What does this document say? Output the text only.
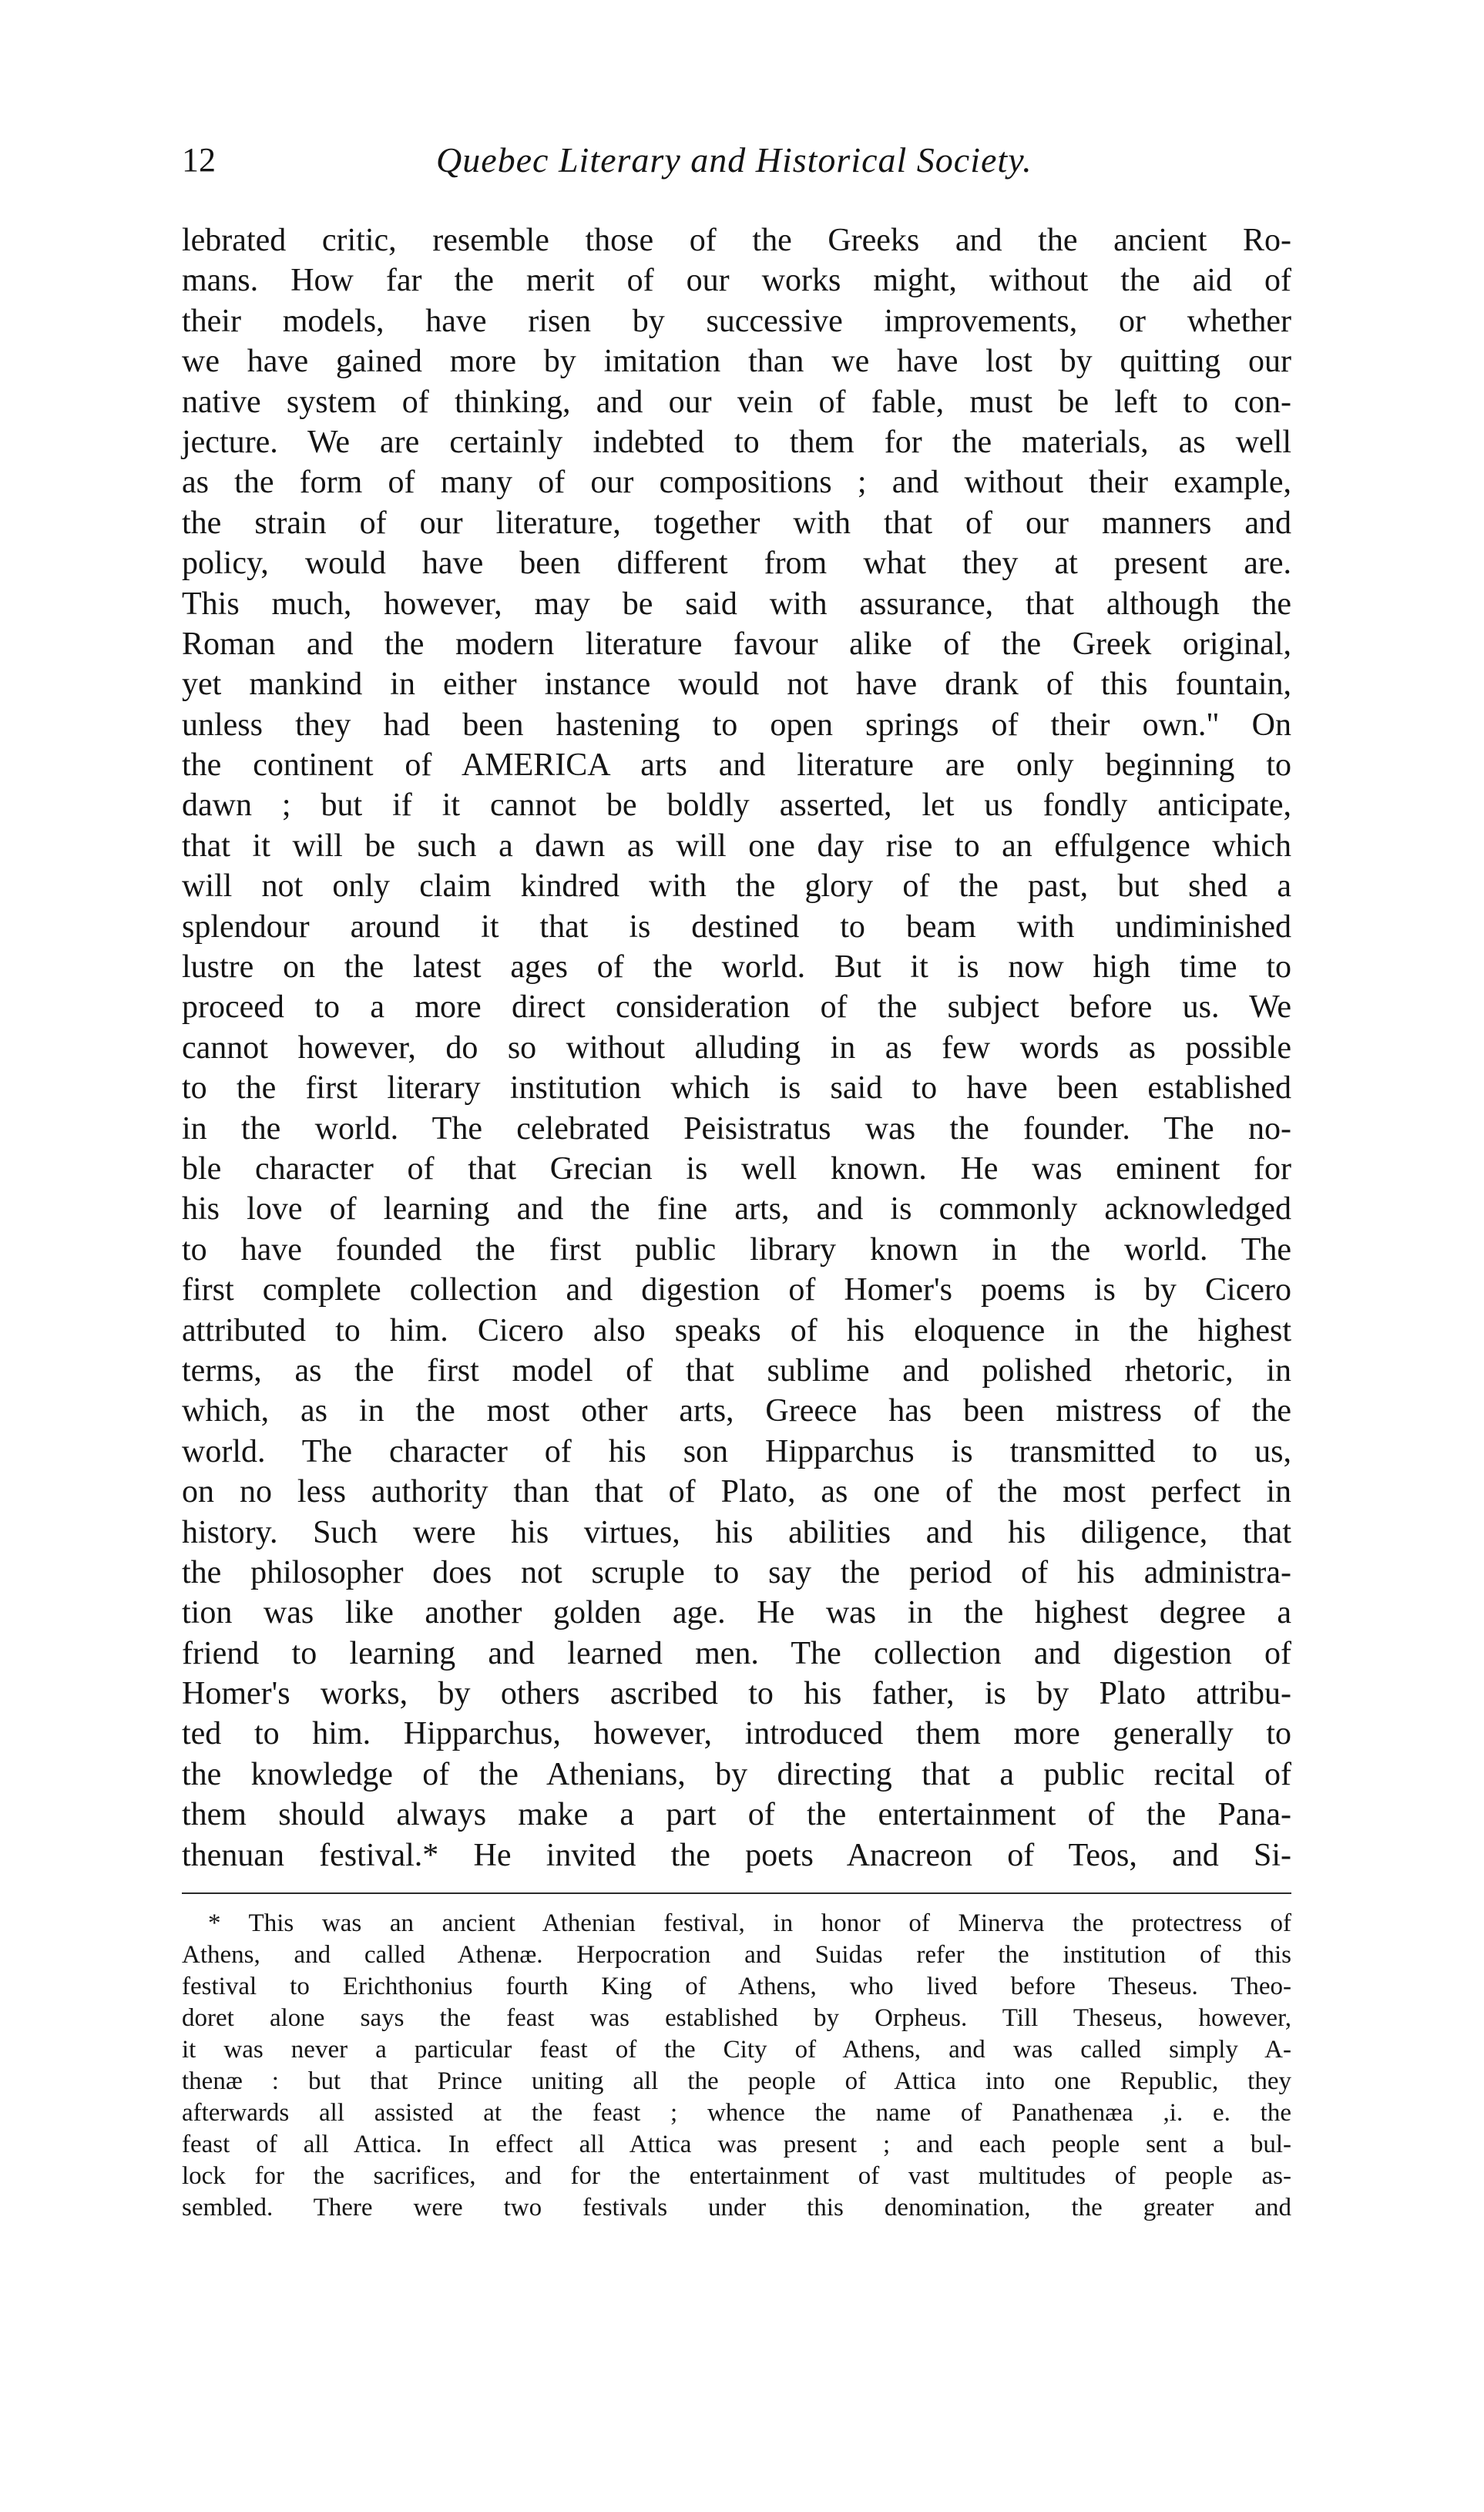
12	Quebec Literary and Historical Society.
lebrated critic, resemble those of the Greeks and the ancient Ro-
mans. How far the merit of our works might, without the aid of
their models, have risen by successive improvements, or whether
we have gained more by imitation than we have lost by quitting our
native system of thinking, and our vein of fable, must be left to con-
jecture. We are certainly indebted to them for the materials, as well
as the form of many of our compositions ; and without their example,
the strain of our literature, together with that of our manners and
policy, would have been different from what they at present are.
This much, however, may be said with assurance, that although the
Roman and the modern literature favour alike of the Greek original,
yet mankind in either instance would not have drank of this fountain,
unless they had been hastening to open springs of their own." On
the continent of AMERICA arts and literature are only beginning to
dawn ; but if it cannot be boldly asserted, let us fondly anticipate,
that it will be such a dawn as will one day rise to an effulgence which
will not only claim kindred with the glory of the past, but shed a
splendour around it that is destined to beam with undiminished
lustre on the latest ages of the world. But it is now high time to
proceed to a more direct consideration of the subject before us. We
cannot however, do so without alluding in as few words as possible
to the first literary institution which is said to have been established
in the world. The celebrated Peisistratus was the founder. The no-
ble character of that Grecian is well known. He was eminent for
his love of learning and the fine arts, and is commonly acknowledged
to have founded the first public library known in the world. The
first complete collection and digestion of Homer's poems is by Cicero
attributed to him. Cicero also speaks of his eloquence in the highest
terms, as the first model of that sublime and polished rhetoric, in
which, as in the most other arts, Greece has been mistress of the
world. The character of his son Hipparchus is transmitted to us,
on no less authority than that of Plato, as one of the most perfect in
history. Such were his virtues, his abilities and his diligence, that
the philosopher does not scruple to say the period of his administra-
tion was like another golden age. He was in the highest degree a
friend to learning and learned men. The collection and digestion of
Homer's works, by others ascribed to his father, is by Plato attribu-
ted to him. Hipparchus, however, introduced them more generally to
the knowledge of the Athenians, by directing that a public recital of
them should always make a part of the entertainment of the Pana-
thenuan festival.* He invited the poets Anacreon of Teos, and Si-
* This was an ancient Athenian festival, in honor of Minerva the protectress of
Athens, and called Athenæ. Herpocration and Suidas refer the institution of this
festival to Erichthonius fourth King of Athens, who lived before Theseus. Theo-
doret alone says the feast was established by Orpheus. Till Theseus, however,
it was never a particular feast of the City of Athens, and was called simply A-
thenæ : but that Prince uniting all the people of Attica into one Republic, they
afterwards all assisted at the feast ; whence the name of Panathenæa ,i. e. the
feast of all Attica. In effect all Attica was present ; and each people sent a bul-
lock for the sacrifices, and for the entertainment of vast multitudes of people as-
sembled. There were two festivals under this denomination, the greater and
